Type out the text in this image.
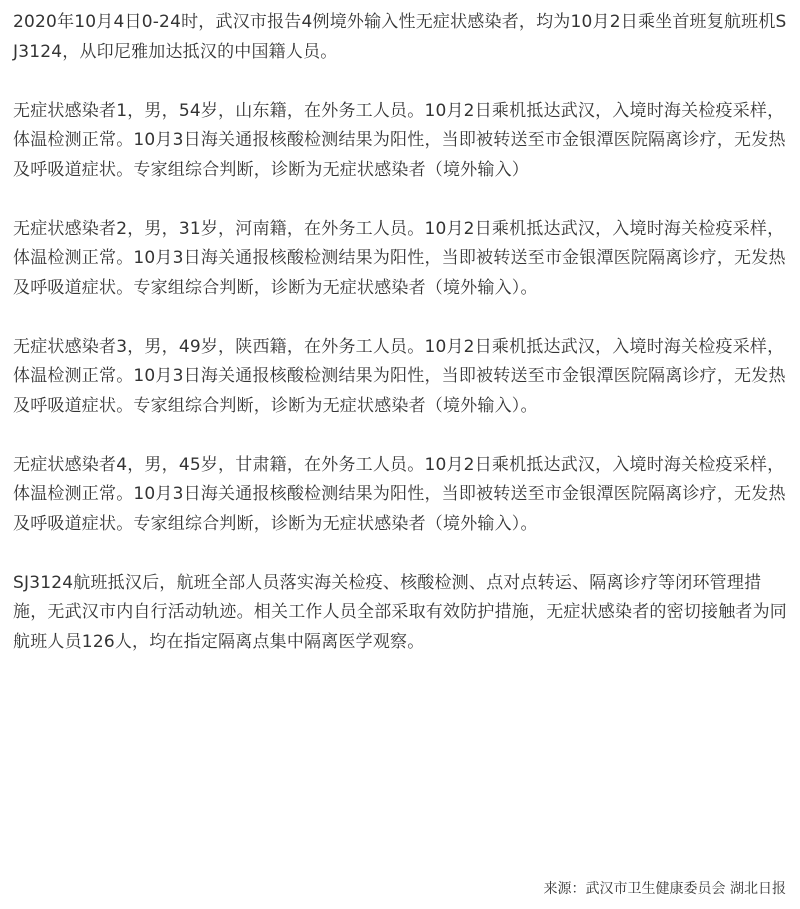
2020年10月4日0-24时，武汉市报告4例境外输入性无症状感染者，均为10月2日乘坐首班复航班机SJ3124，从印尼雅加达抵汉的中国籍人员。

无症状感染者1，男，54岁，山东籍，在外务工人员。10月2日乘机抵达武汉，入境时海关检疫采样，体温检测正常。10月3日海关通报核酸检测结果为阳性，当即被转送至市金银潭医院隔离诊疗，无发热及呼吸道症状。专家组综合判断，诊断为无症状感染者（境外输入）

无症状感染者2，男，31岁，河南籍，在外务工人员。10月2日乘机抵达武汉，入境时海关检疫采样，体温检测正常。10月3日海关通报核酸检测结果为阳性，当即被转送至市金银潭医院隔离诊疗，无发热及呼吸道症状。专家组综合判断，诊断为无症状感染者（境外输入）。

无症状感染者3，男，49岁，陕西籍，在外务工人员。10月2日乘机抵达武汉，入境时海关检疫采样，体温检测正常。10月3日海关通报核酸检测结果为阳性，当即被转送至市金银潭医院隔离诊疗，无发热及呼吸道症状。专家组综合判断，诊断为无症状感染者（境外输入）。

无症状感染者4，男，45岁，甘肃籍，在外务工人员。10月2日乘机抵达武汉，入境时海关检疫采样，体温检测正常。10月3日海关通报核酸检测结果为阳性，当即被转送至市金银潭医院隔离诊疗，无发热及呼吸道症状。专家组综合判断，诊断为无症状感染者（境外输入）。

SJ3124航班抵汉后，航班全部人员落实海关检疫、核酸检测、点对点转运、隔离诊疗等闭环管理措施，无武汉市内自行活动轨迹。相关工作人员全部采取有效防护措施，无症状感染者的密切接触者为同航班人员126人，均在指定隔离点集中隔离医学观察。

来源：武汉市卫生健康委员会 湖北日报
